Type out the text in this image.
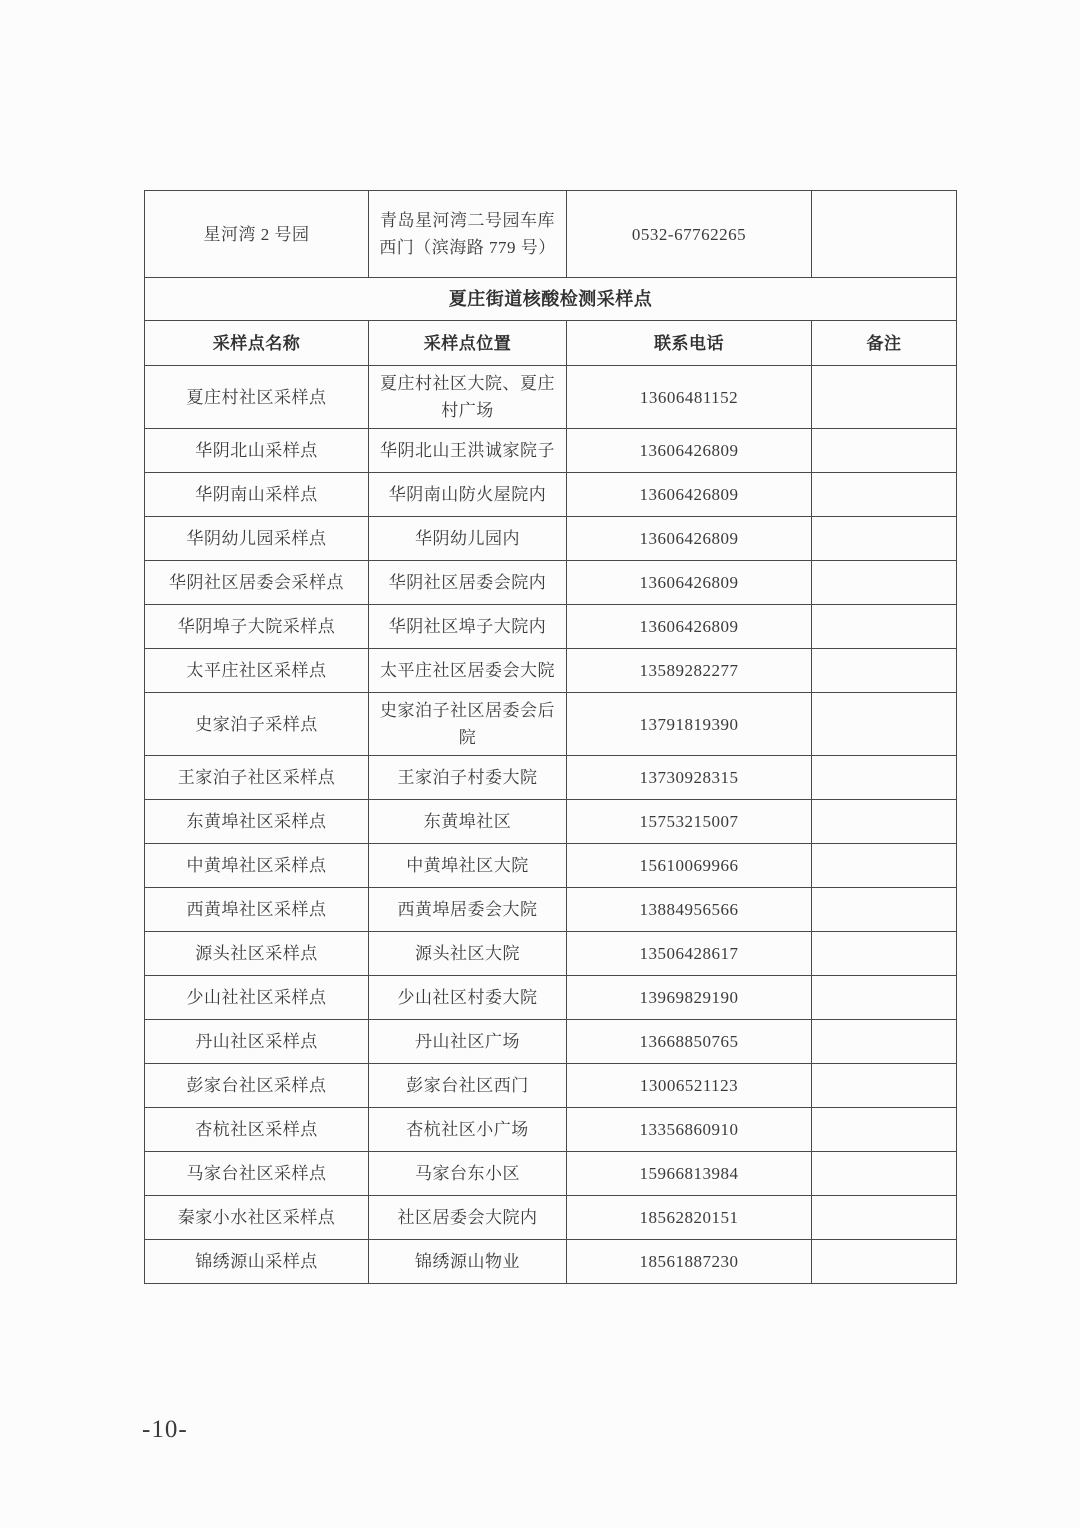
星河湾 2 号园	青岛星河湾二号园车库西门（滨海路 779 号）	0532-67762265	
夏庄街道核酸检测采样点			
采样点名称	采样点位置	联系电话	备注
夏庄村社区采样点	夏庄村社区大院、夏庄村广场	13606481152	
华阴北山采样点	华阴北山王洪诚家院子	13606426809	
华阴南山采样点	华阴南山防火屋院内	13606426809	
华阴幼儿园采样点	华阴幼儿园内	13606426809	
华阴社区居委会采样点	华阴社区居委会院内	13606426809	
华阴埠子大院采样点	华阴社区埠子大院内	13606426809	
太平庄社区采样点	太平庄社区居委会大院	13589282277	
史家泊子采样点	史家泊子社区居委会后院	13791819390	
王家泊子社区采样点	王家泊子村委大院	13730928315	
东黄埠社区采样点	东黄埠社区	15753215007	
中黄埠社区采样点	中黄埠社区大院	15610069966	
西黄埠社区采样点	西黄埠居委会大院	13884956566	
源头社区采样点	源头社区大院	13506428617	
少山社社区采样点	少山社区村委大院	13969829190	
丹山社区采样点	丹山社区广场	13668850765	
彭家台社区采样点	彭家台社区西门	13006521123	
杏杭社区采样点	杏杭社区小广场	13356860910	
马家台社区采样点	马家台东小区	15966813984	
秦家小水社区采样点	社区居委会大院内	18562820151	
锦绣源山采样点	锦绣源山物业	18561887230	
-10-
